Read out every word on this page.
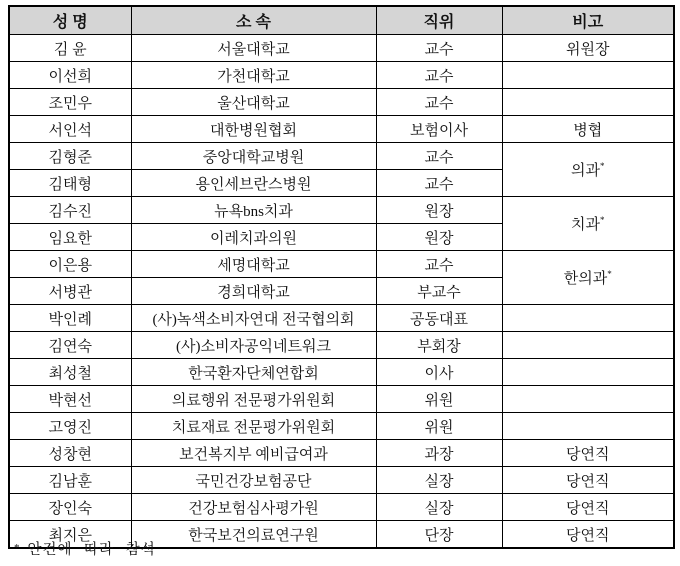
성 명	소 속	직위	비고
김 윤	서울대학교	교수	위원장
이선희	가천대학교	교수	
조민우	울산대학교	교수	
서인석	대한병원협회	보험이사	병협
김형준	중앙대학교병원	교수	의과*
김태형	용인세브란스병원	교수	
김수진	뉴욕bns치과	원장	치과*
임요한	이레치과의원	원장	
이은용	세명대학교	교수	한의과*
서병관	경희대학교	부교수	
박인례	(사)녹색소비자연대 전국협의회	공동대표	
김연숙	(사)소비자공익네트워크	부회장	
최성철	한국환자단체연합회	이사	
박현선	의료행위 전문평가위원회	위원	
고영진	치료재료 전문평가위원회	위원	
성창현	보건복지부 예비급여과	과장	당연직
김남훈	국민건강보험공단	실장	당연직
장인숙	건강보험심사평가원	실장	당연직
최지은	한국보건의료연구원	단장	당연직
* 안건에 따라 참석
